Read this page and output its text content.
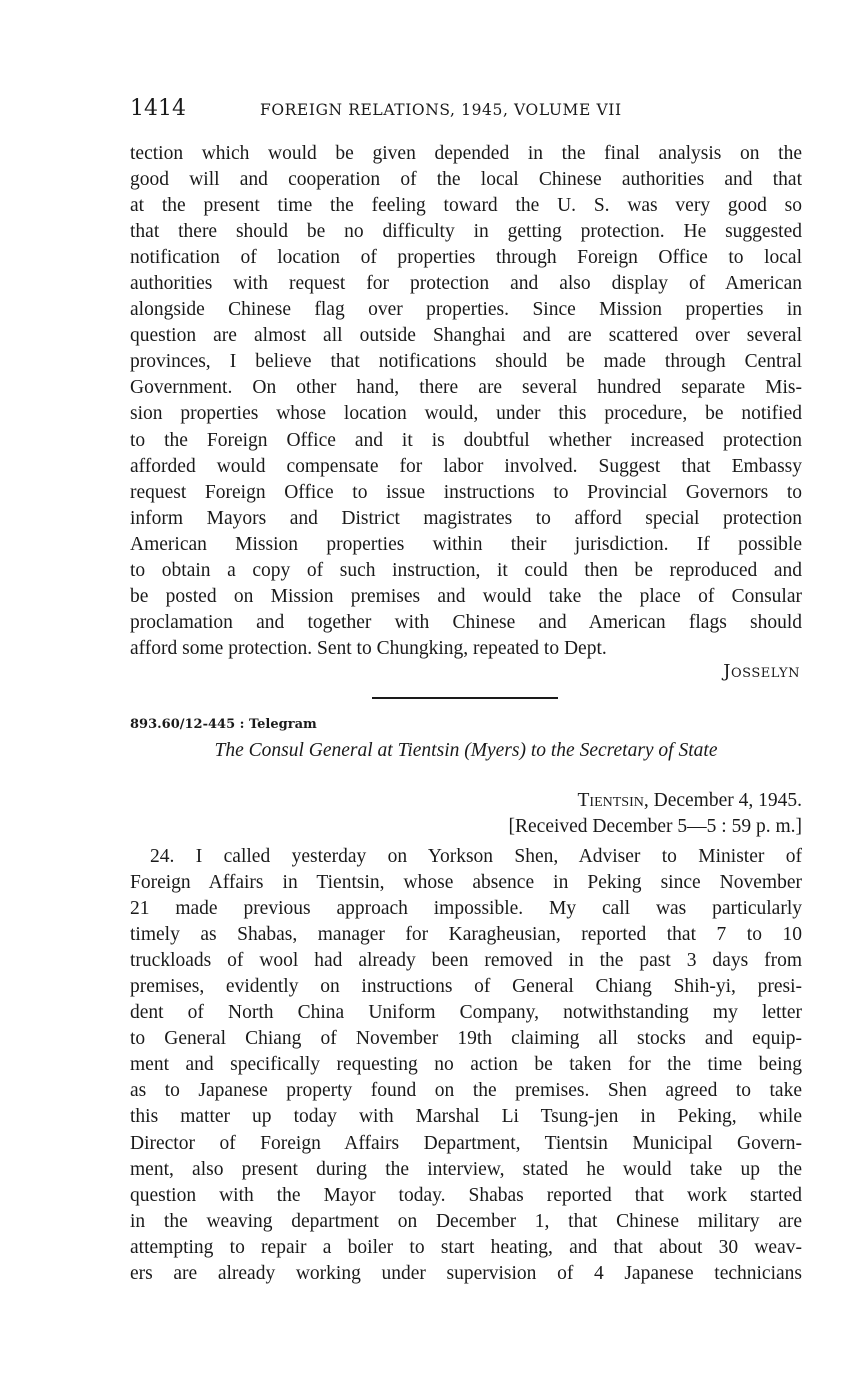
1414	FOREIGN RELATIONS, 1945, VOLUME VII
tection which would be given depended in the final analysis on the
good will and cooperation of the local Chinese authorities and that
at the present time the feeling toward the U. S. was very good so
that there should be no difficulty in getting protection. He suggested
notification of location of properties through Foreign Office to local
authorities with request for protection and also display of American
alongside Chinese flag over properties. Since Mission properties in
question are almost all outside Shanghai and are scattered over several
provinces, I believe that notifications should be made through Central
Government. On other hand, there are several hundred separate Mis-
sion properties whose location would, under this procedure, be notified
to the Foreign Office and it is doubtful whether increased protection
afforded would compensate for labor involved. Suggest that Embassy
request Foreign Office to issue instructions to Provincial Governors to
inform Mayors and District magistrates to afford special protection
American Mission properties within their jurisdiction. If possible
to obtain a copy of such instruction, it could then be reproduced and
be posted on Mission premises and would take the place of Consular
proclamation and together with Chinese and American flags should
afford some protection. Sent to Chungking, repeated to Dept.
Josselyn
893.60/12-445 : Telegram
The Consul General at Tientsin (Myers) to the Secretary of State
Tientsin, December 4, 1945.
[Received December 5—5 : 59 p. m.]
24. I called yesterday on Yorkson Shen, Adviser to Minister of
Foreign Affairs in Tientsin, whose absence in Peking since November
21 made previous approach impossible. My call was particularly
timely as Shabas, manager for Karagheusian, reported that 7 to 10
truckloads of wool had already been removed in the past 3 days from
premises, evidently on instructions of General Chiang Shih-yi, presi-
dent of North China Uniform Company, notwithstanding my letter
to General Chiang of November 19th claiming all stocks and equip-
ment and specifically requesting no action be taken for the time being
as to Japanese property found on the premises. Shen agreed to take
this matter up today with Marshal Li Tsung-jen in Peking, while
Director of Foreign Affairs Department, Tientsin Municipal Govern-
ment, also present during the interview, stated he would take up the
question with the Mayor today. Shabas reported that work started
in the weaving department on December 1, that Chinese military are
attempting to repair a boiler to start heating, and that about 30 weav-
ers are already working under supervision of 4 Japanese technicians
